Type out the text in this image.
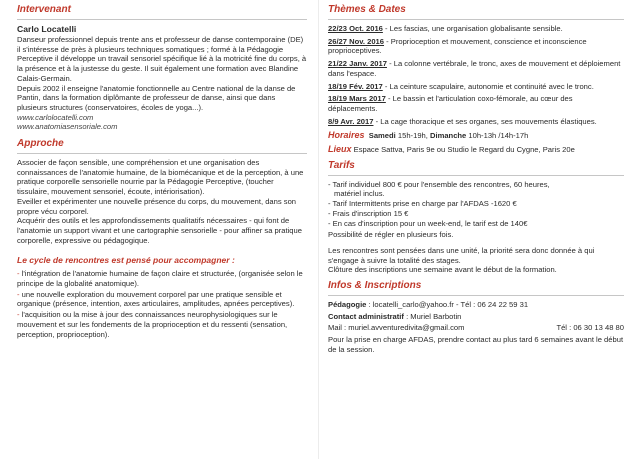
Intervenant
Carlo Locatelli

Danseur professionnel depuis trente ans et professeur de danse contemporaine (DE) il s'intéresse de près à plusieurs techniques somatiques ; formé à la Pédagogie Perceptive il développe un travail sensoriel spécifique lié à la motricité fine du corps, à la présence et à la justesse du geste. Il suit également une formation avec Blandine Calais-Germain.

Depuis 2002 il enseigne l'anatomie fonctionnelle au Centre national de la danse de Pantin, dans la formation diplômante de professeur de danse, ainsi que dans plusieurs structures (conservatoires, écoles de yoga...).

www.carlolocatelli.com

www.anatomiasensoriale.com

Approche

Associer de façon sensible, une compréhension et une organisation des connaissances de l'anatomie humaine, de la biomécanique et de la perception, à une pratique corporelle sensorielle nourrie par la Pédagogie Perceptive, (toucher tissulaire, mouvement sensoriel, écoute, intériorisation).

Eveiller et expérimenter une nouvelle présence du corps, du mouvement, dans son propre vécu corporel.

Acquérir des outils et les approfondissements qualitatifs nécessaires - qui font de l'anatomie un support vivant et une cartographie sensorielle - pour affiner sa pratique corporelle, expressive ou pédagogique.

Le cycle de rencontres est pensé pour accompagner :

- l'intégration de l'anatomie humaine de façon claire et structurée, (organisée selon le principe de la globalité anatomique).

- une nouvelle exploration du mouvement corporel par une pratique sensible et organique (présence, intention, axes articulaires, amplitudes, apnées perceptives).

- l'acquisition ou la mise à jour des connaissances neurophysiologiques sur le mouvement et sur les fondements de la proprioception et du ressenti (sensation, perception, proprioception).

Thèmes & Dates

22/23 Oct. 2016 - Les fascias, une organisation globalisante sensible.

26/27 Nov. 2016 - Proprioception et mouvement, conscience et inconscience proprioceptives.

21/22 Janv. 2017 - La colonne vertébrale, le tronc, axes de mouvement et déploiement dans l'espace.

18/19 Fév. 2017 - La ceinture scapulaire, autonomie et continuité avec le tronc.

18/19 Mars 2017 - Le bassin et l'articulation coxo-fémorale, au cœur des déplacements.

8/9 Avr. 2017 - La cage thoracique et ses organes, ses mouvements élastiques.

Horaires Samedi 15h-19h, Dimanche 10h-13h /14h-17h

Lieux Espace Sattva, Paris 9e ou Studio le Regard du Cygne, Paris 20e

Tarifs

- Tarif individuel 800 € pour l'ensemble des rencontres, 60 heures,

matériel inclus.

- Tarif Intermittents prise en charge par l'AFDAS -1620 €

- Frais d'inscription 15 €

- En cas d'inscription pour un week-end, le tarif est de 140€

Possibilité de régler en plusieurs fois.

Les rencontres sont pensées dans une unité, la priorité sera donc donnée à qui s'engage à suivre la totalité des stages.

Clôture des inscriptions une semaine avant le début de la formation.

Infos & Inscriptions

Pédagogie : locatelli_carlo@yahoo.fr - Tél : 06 24 22 59 31

Contact administratif : Muriel Barbotin

Mail : muriel.avventuredivita@gmail.com	Tél : 06 30 13 48 80

Pour la prise en charge AFDAS, prendre contact au plus tard 6 semaines avant le début de la session.
